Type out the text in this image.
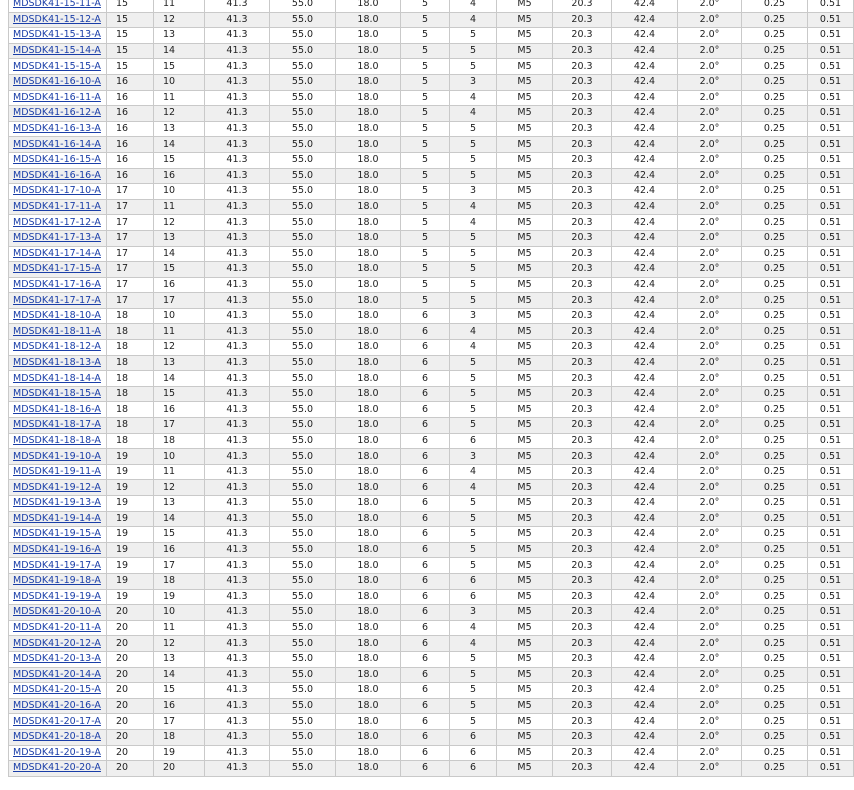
MDSDK41-15-11-A	15	11	41.3	55.0	18.0	5	4	M5	20.3	42.4	2.0°	0.25	0.51
MDSDK41-15-12-A	15	12	41.3	55.0	18.0	5	4	M5	20.3	42.4	2.0°	0.25	0.51
MDSDK41-15-13-A	15	13	41.3	55.0	18.0	5	5	M5	20.3	42.4	2.0°	0.25	0.51
MDSDK41-15-14-A	15	14	41.3	55.0	18.0	5	5	M5	20.3	42.4	2.0°	0.25	0.51
MDSDK41-15-15-A	15	15	41.3	55.0	18.0	5	5	M5	20.3	42.4	2.0°	0.25	0.51
MDSDK41-16-10-A	16	10	41.3	55.0	18.0	5	3	M5	20.3	42.4	2.0°	0.25	0.51
MDSDK41-16-11-A	16	11	41.3	55.0	18.0	5	4	M5	20.3	42.4	2.0°	0.25	0.51
MDSDK41-16-12-A	16	12	41.3	55.0	18.0	5	4	M5	20.3	42.4	2.0°	0.25	0.51
MDSDK41-16-13-A	16	13	41.3	55.0	18.0	5	5	M5	20.3	42.4	2.0°	0.25	0.51
MDSDK41-16-14-A	16	14	41.3	55.0	18.0	5	5	M5	20.3	42.4	2.0°	0.25	0.51
MDSDK41-16-15-A	16	15	41.3	55.0	18.0	5	5	M5	20.3	42.4	2.0°	0.25	0.51
MDSDK41-16-16-A	16	16	41.3	55.0	18.0	5	5	M5	20.3	42.4	2.0°	0.25	0.51
MDSDK41-17-10-A	17	10	41.3	55.0	18.0	5	3	M5	20.3	42.4	2.0°	0.25	0.51
MDSDK41-17-11-A	17	11	41.3	55.0	18.0	5	4	M5	20.3	42.4	2.0°	0.25	0.51
MDSDK41-17-12-A	17	12	41.3	55.0	18.0	5	4	M5	20.3	42.4	2.0°	0.25	0.51
MDSDK41-17-13-A	17	13	41.3	55.0	18.0	5	5	M5	20.3	42.4	2.0°	0.25	0.51
MDSDK41-17-14-A	17	14	41.3	55.0	18.0	5	5	M5	20.3	42.4	2.0°	0.25	0.51
MDSDK41-17-15-A	17	15	41.3	55.0	18.0	5	5	M5	20.3	42.4	2.0°	0.25	0.51
MDSDK41-17-16-A	17	16	41.3	55.0	18.0	5	5	M5	20.3	42.4	2.0°	0.25	0.51
MDSDK41-17-17-A	17	17	41.3	55.0	18.0	5	5	M5	20.3	42.4	2.0°	0.25	0.51
MDSDK41-18-10-A	18	10	41.3	55.0	18.0	6	3	M5	20.3	42.4	2.0°	0.25	0.51
MDSDK41-18-11-A	18	11	41.3	55.0	18.0	6	4	M5	20.3	42.4	2.0°	0.25	0.51
MDSDK41-18-12-A	18	12	41.3	55.0	18.0	6	4	M5	20.3	42.4	2.0°	0.25	0.51
MDSDK41-18-13-A	18	13	41.3	55.0	18.0	6	5	M5	20.3	42.4	2.0°	0.25	0.51
MDSDK41-18-14-A	18	14	41.3	55.0	18.0	6	5	M5	20.3	42.4	2.0°	0.25	0.51
MDSDK41-18-15-A	18	15	41.3	55.0	18.0	6	5	M5	20.3	42.4	2.0°	0.25	0.51
MDSDK41-18-16-A	18	16	41.3	55.0	18.0	6	5	M5	20.3	42.4	2.0°	0.25	0.51
MDSDK41-18-17-A	18	17	41.3	55.0	18.0	6	5	M5	20.3	42.4	2.0°	0.25	0.51
MDSDK41-18-18-A	18	18	41.3	55.0	18.0	6	6	M5	20.3	42.4	2.0°	0.25	0.51
MDSDK41-19-10-A	19	10	41.3	55.0	18.0	6	3	M5	20.3	42.4	2.0°	0.25	0.51
MDSDK41-19-11-A	19	11	41.3	55.0	18.0	6	4	M5	20.3	42.4	2.0°	0.25	0.51
MDSDK41-19-12-A	19	12	41.3	55.0	18.0	6	4	M5	20.3	42.4	2.0°	0.25	0.51
MDSDK41-19-13-A	19	13	41.3	55.0	18.0	6	5	M5	20.3	42.4	2.0°	0.25	0.51
MDSDK41-19-14-A	19	14	41.3	55.0	18.0	6	5	M5	20.3	42.4	2.0°	0.25	0.51
MDSDK41-19-15-A	19	15	41.3	55.0	18.0	6	5	M5	20.3	42.4	2.0°	0.25	0.51
MDSDK41-19-16-A	19	16	41.3	55.0	18.0	6	5	M5	20.3	42.4	2.0°	0.25	0.51
MDSDK41-19-17-A	19	17	41.3	55.0	18.0	6	5	M5	20.3	42.4	2.0°	0.25	0.51
MDSDK41-19-18-A	19	18	41.3	55.0	18.0	6	6	M5	20.3	42.4	2.0°	0.25	0.51
MDSDK41-19-19-A	19	19	41.3	55.0	18.0	6	6	M5	20.3	42.4	2.0°	0.25	0.51
MDSDK41-20-10-A	20	10	41.3	55.0	18.0	6	3	M5	20.3	42.4	2.0°	0.25	0.51
MDSDK41-20-11-A	20	11	41.3	55.0	18.0	6	4	M5	20.3	42.4	2.0°	0.25	0.51
MDSDK41-20-12-A	20	12	41.3	55.0	18.0	6	4	M5	20.3	42.4	2.0°	0.25	0.51
MDSDK41-20-13-A	20	13	41.3	55.0	18.0	6	5	M5	20.3	42.4	2.0°	0.25	0.51
MDSDK41-20-14-A	20	14	41.3	55.0	18.0	6	5	M5	20.3	42.4	2.0°	0.25	0.51
MDSDK41-20-15-A	20	15	41.3	55.0	18.0	6	5	M5	20.3	42.4	2.0°	0.25	0.51
MDSDK41-20-16-A	20	16	41.3	55.0	18.0	6	5	M5	20.3	42.4	2.0°	0.25	0.51
MDSDK41-20-17-A	20	17	41.3	55.0	18.0	6	5	M5	20.3	42.4	2.0°	0.25	0.51
MDSDK41-20-18-A	20	18	41.3	55.0	18.0	6	6	M5	20.3	42.4	2.0°	0.25	0.51
MDSDK41-20-19-A	20	19	41.3	55.0	18.0	6	6	M5	20.3	42.4	2.0°	0.25	0.51
MDSDK41-20-20-A	20	20	41.3	55.0	18.0	6	6	M5	20.3	42.4	2.0°	0.25	0.51
